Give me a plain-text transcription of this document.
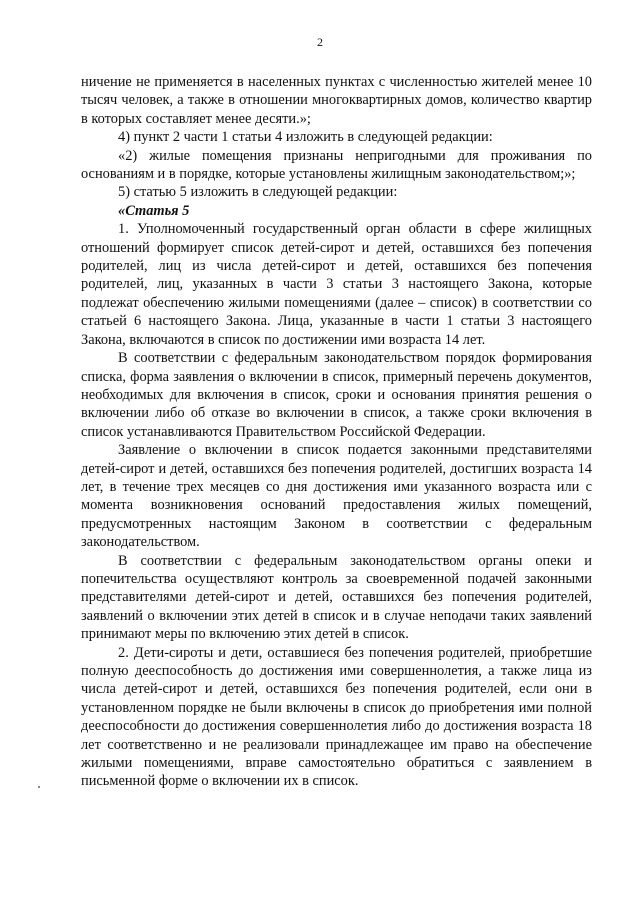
2

ничение не применяется в населенных пунктах с численностью жителей менее 10 тысяч человек, а также в отношении многоквартирных домов, количество квартир в которых составляет менее десяти.»;

4) пункт 2 части 1 статьи 4 изложить в следующей редакции:

«2) жилые помещения признаны непригодными для проживания по основаниям и в порядке, которые установлены жилищным законодательством;»;

5) статью 5 изложить в следующей редакции:

«Статья 5

1. Уполномоченный государственный орган области в сфере жилищных отношений формирует список детей-сирот и детей, оставшихся без попечения родителей, лиц из числа детей-сирот и детей, оставшихся без попечения родителей, лиц, указанных в части 3 статьи 3 настоящего Закона, которые подлежат обеспечению жилыми помещениями (далее – список) в соответствии со статьей 6 настоящего Закона. Лица, указанные в части 1 статьи 3 настоящего Закона, включаются в список по достижении ими возраста 14 лет.

В соответствии с федеральным законодательством порядок формирования списка, форма заявления о включении в список, примерный перечень документов, необходимых для включения в список, сроки и основания принятия решения о включении либо об отказе во включении в список, а также сроки включения в список устанавливаются Правительством Российской Федерации.

Заявление о включении в список подается законными представителями детей-сирот и детей, оставшихся без попечения родителей, достигших возраста 14 лет, в течение трех месяцев со дня достижения ими указанного возраста или с момента возникновения оснований предоставления жилых помещений, предусмотренных настоящим Законом в соответствии с федеральным законодательством.

В соответствии с федеральным законодательством органы опеки и попечительства осуществляют контроль за своевременной подачей законными представителями детей-сирот и детей, оставшихся без попечения родителей, заявлений о включении этих детей в список и в случае неподачи таких заявлений принимают меры по включению этих детей в список.

2. Дети-сироты и дети, оставшиеся без попечения родителей, приобретшие полную дееспособность до достижения ими совершеннолетия, а также лица из числа детей-сирот и детей, оставшихся без попечения родителей, если они в установленном порядке не были включены в список до приобретения ими полной дееспособности до достижения совершеннолетия либо до достижения возраста 18 лет соответственно и не реализовали принадлежащее им право на обеспечение жилыми помещениями, вправе самостоятельно обратиться с заявлением в письменной форме о включении их в список.
